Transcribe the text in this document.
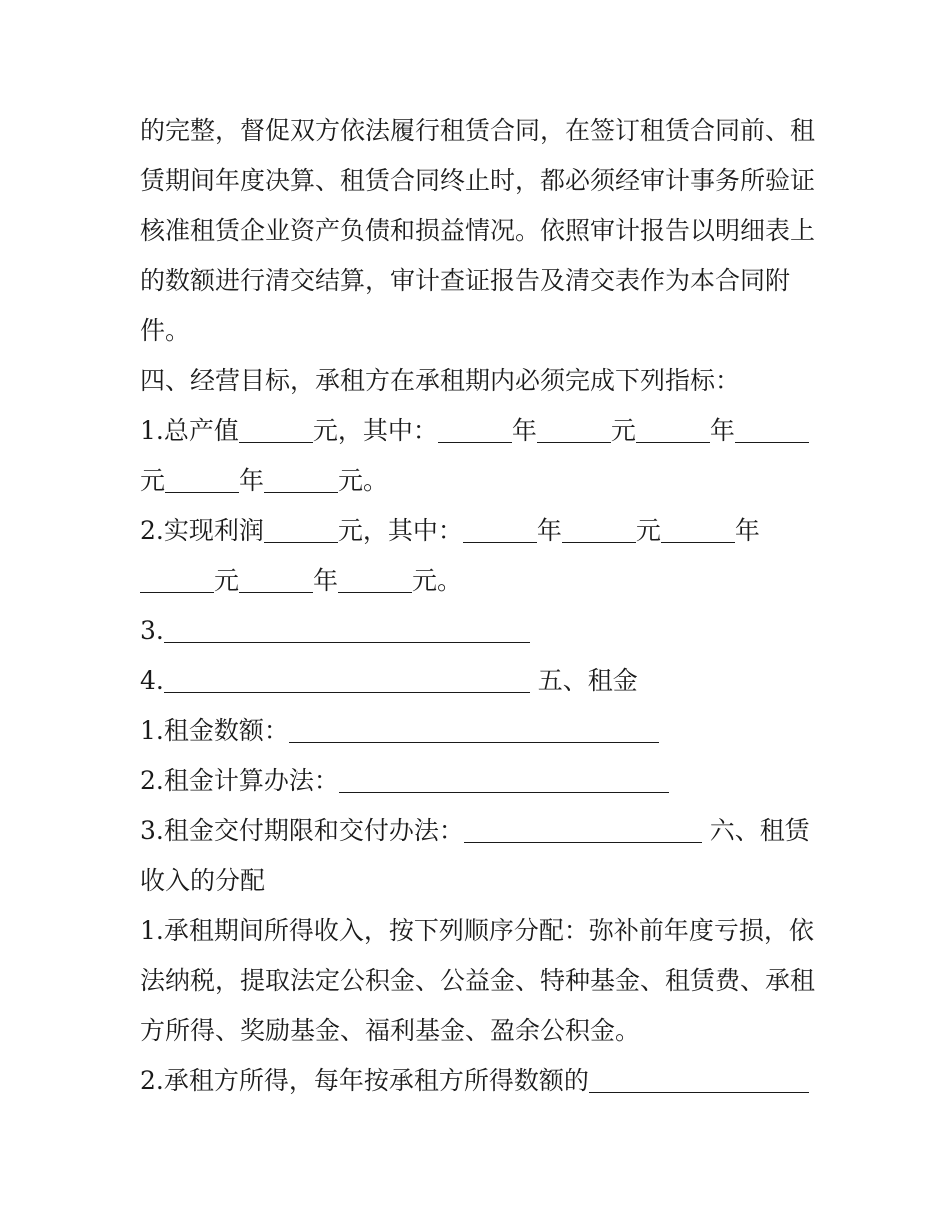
的完整，督促双方依法履行租赁合同，在签订租赁合同前、租
赁期间年度决算、租赁合同终止时，都必须经审计事务所验证
核准租赁企业资产负债和损益情况。依照审计报告以明细表上
的数额进行清交结算，审计查证报告及清交表作为本合同附
件。
四、经营目标，承租方在承租期内必须完成下列指标：
1.总产值	元，其中：	年	元	年
元	年	元。
2.实现利润	元，其中：	年	元	年
元	年	元。
3.
4.	五、租金
1.租金数额：
2.租金计算办法：
3.租金交付期限和交付办法：	六、租赁
收入的分配
1.承租期间所得收入，按下列顺序分配：弥补前年度亏损，依
法纳税，提取法定公积金、公益金、特种基金、租赁费、承租
方所得、奖励基金、福利基金、盈余公积金。
2.承租方所得，每年按承租方所得数额的
